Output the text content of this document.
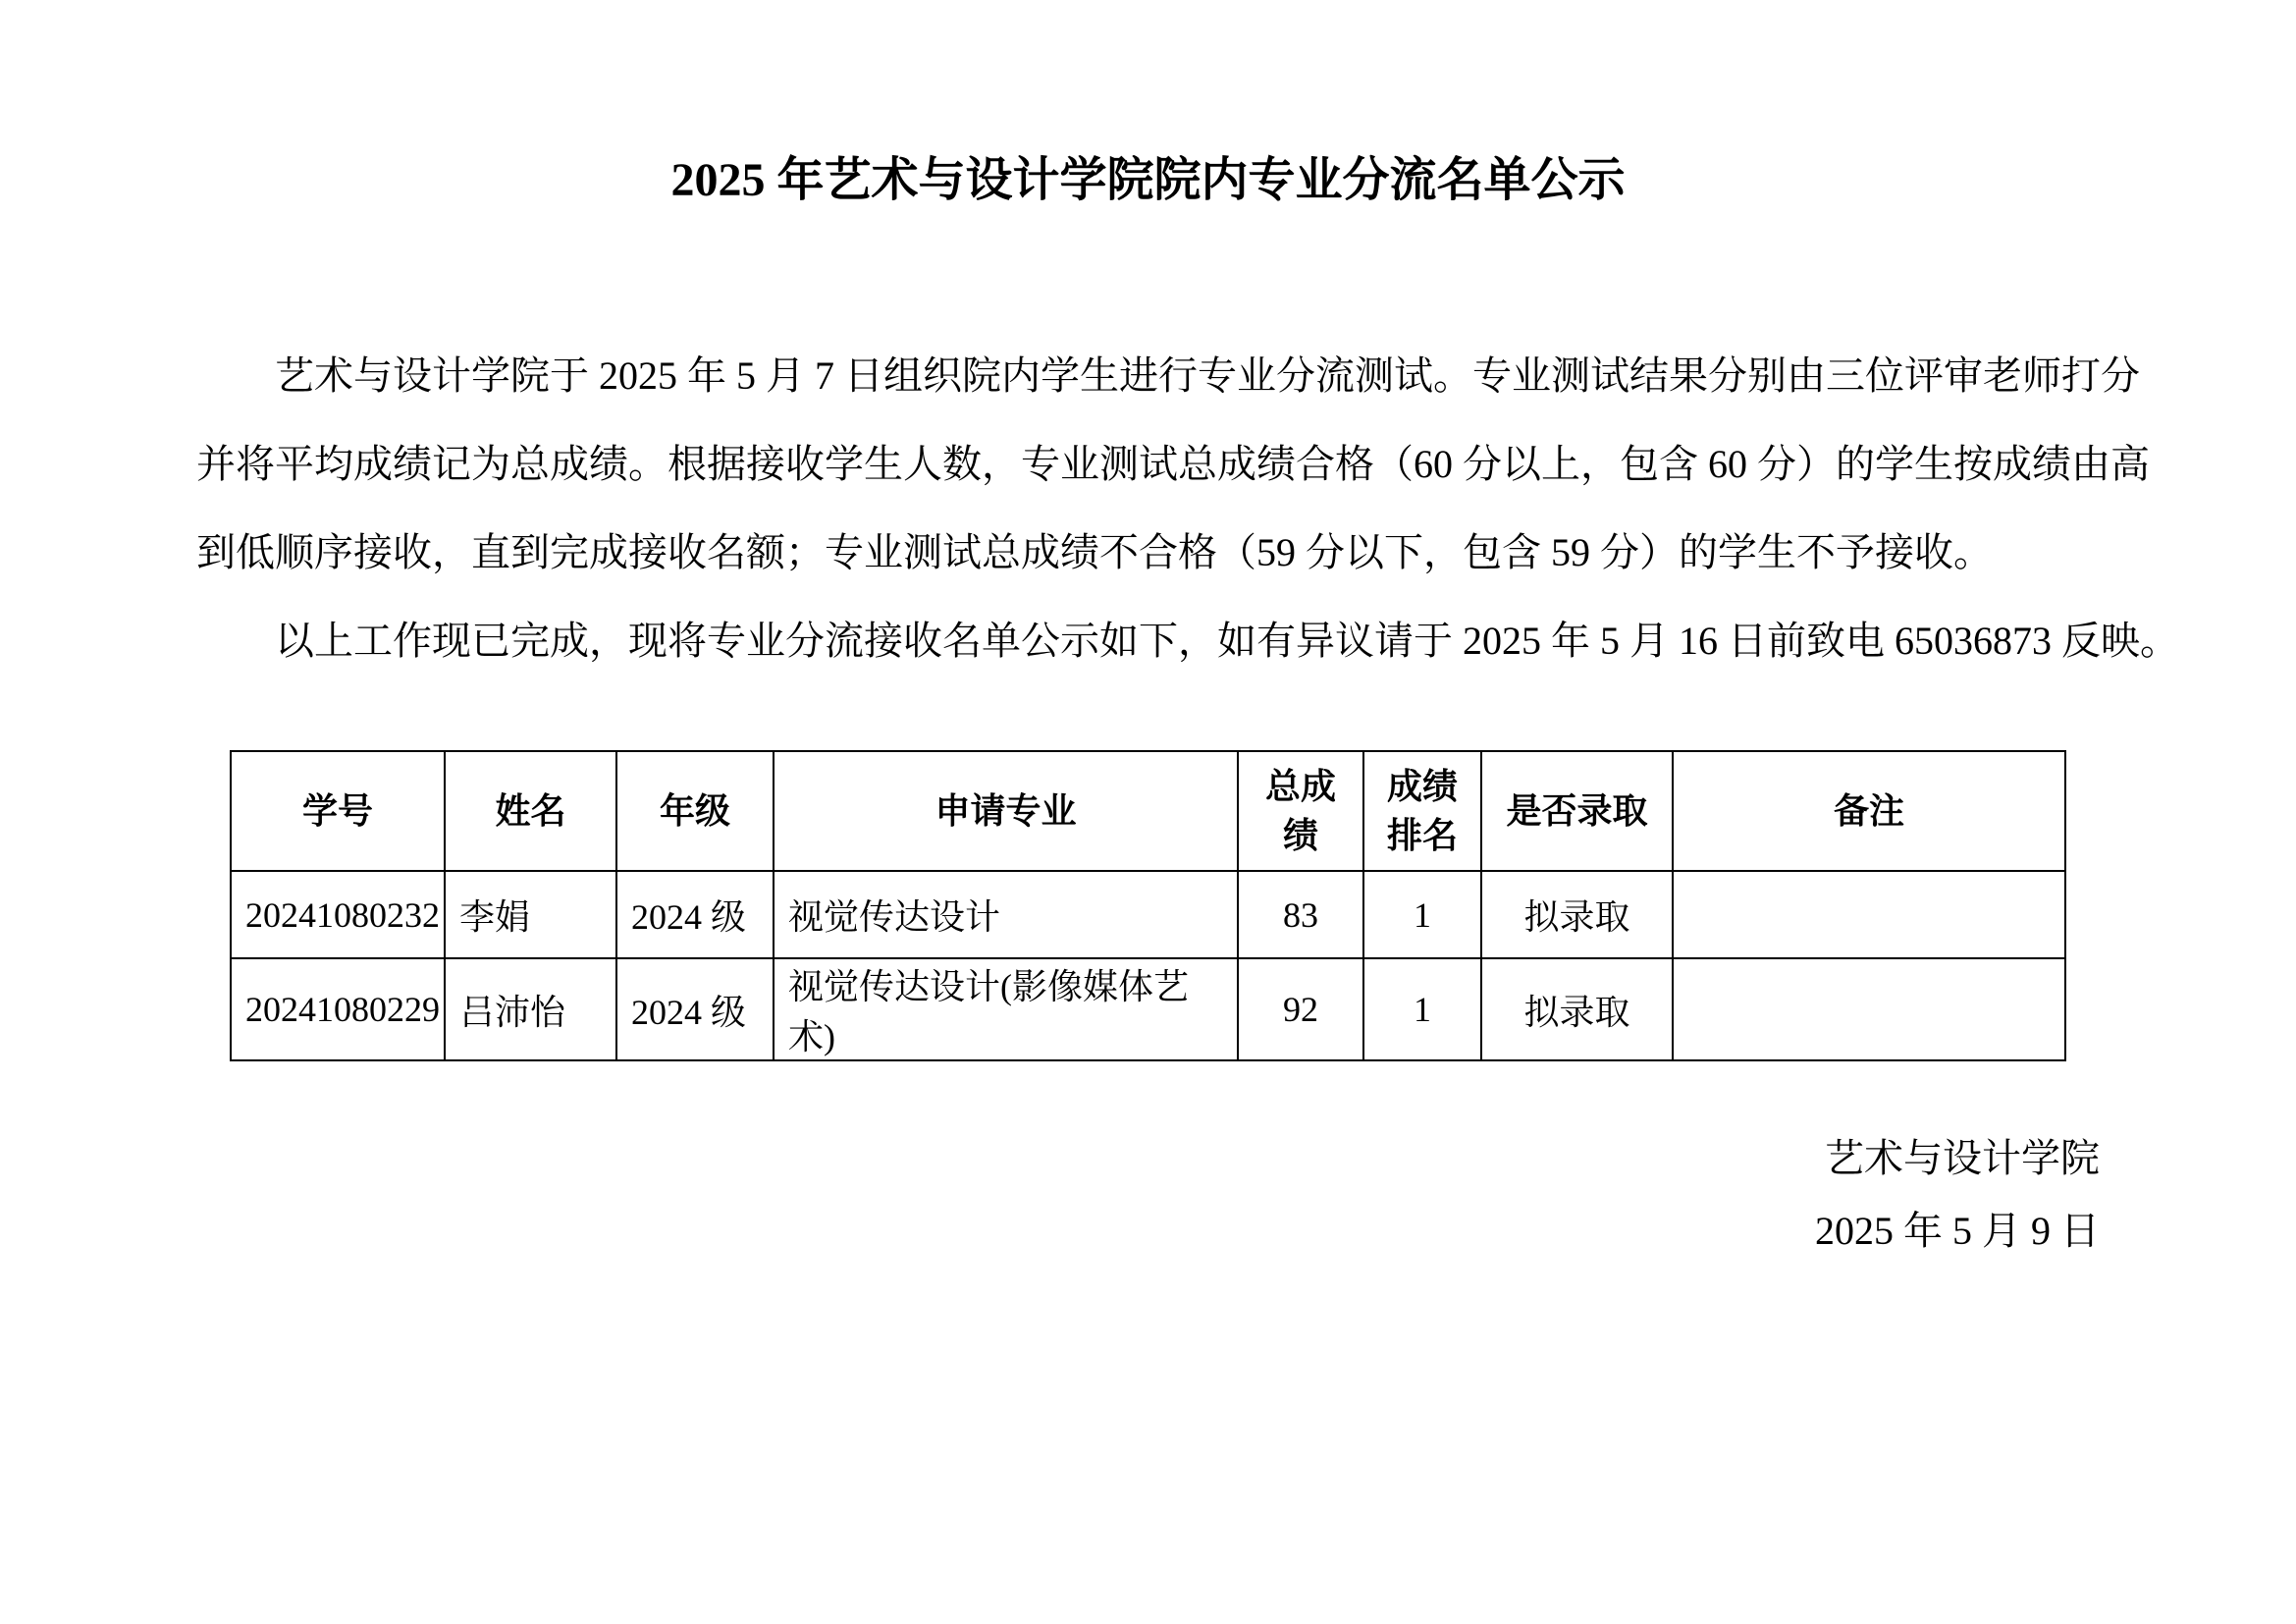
2025 年艺术与设计学院院内专业分流名单公示
艺术与设计学院于 2025 年 5 月 7 日组织院内学生进行专业分流测试。专业测试结果分别由三位评审老师打分
并将平均成绩记为总成绩。根据接收学生人数，专业测试总成绩合格（60 分以上，包含 60 分）的学生按成绩由高
到低顺序接收，直到完成接收名额；专业测试总成绩不合格（59 分以下，包含 59 分）的学生不予接收。
以上工作现已完成，现将专业分流接收名单公示如下，如有异议请于 2025 年 5 月 16 日前致电 65036873 反映。
学号	姓名	年级	申请专业	总成绩	成绩排名	是否录取	备注
20241080232	李娟	2024 级	视觉传达设计	83	1	拟录取	
20241080229	吕沛怡	2024 级	视觉传达设计(影像媒体艺术)	92	1	拟录取	
艺术与设计学院
2025 年 5 月 9 日
